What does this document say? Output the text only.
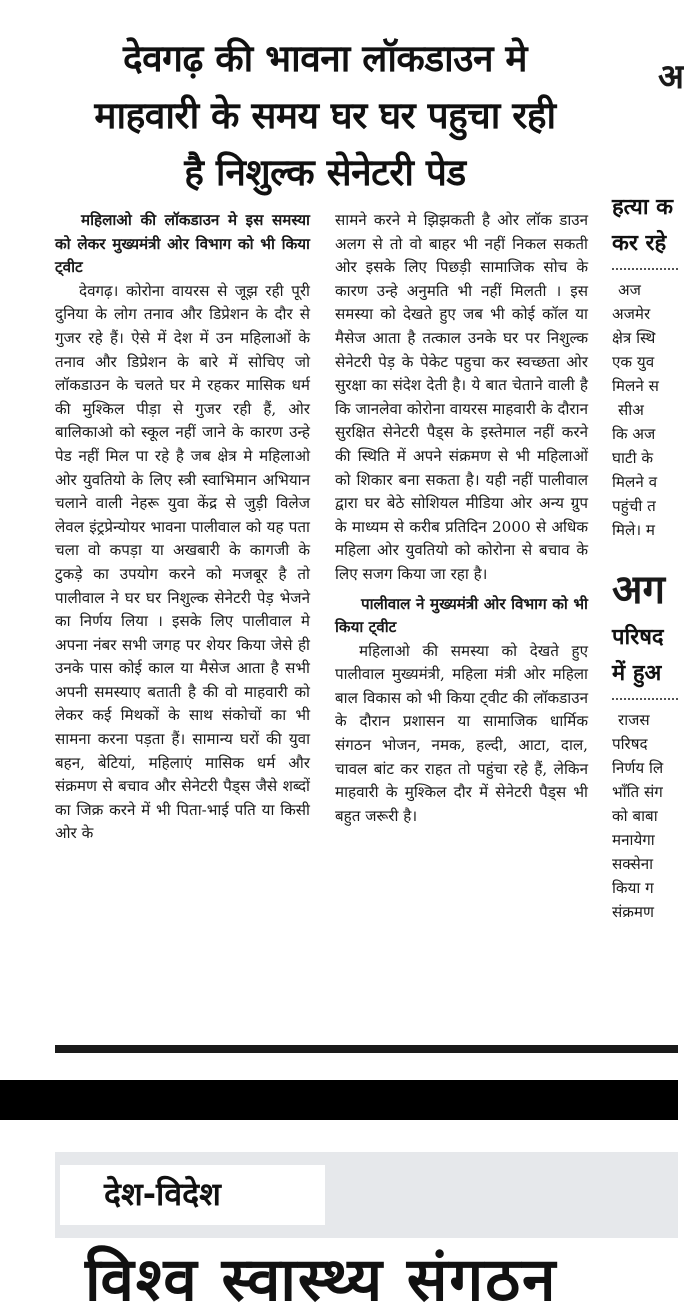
अ
देवगढ़ की भावना लॉकडाउन मे
माहवारी के समय घर घर पहुचा रही
है निशुल्क सेनेटरी पेड
महिलाओ की लॉकडाउन मे इस समस्या को लेकर मुख्यमंत्री ओर विभाग को भी किया ट्वीट
देवगढ़। कोरोना वायरस से जूझ रही पूरी दुनिया के लोग तनाव और डिप्रेशन के दौर से गुजर रहे हैं। ऐसे में देश में उन महिलाओं के तनाव और डिप्रेशन के बारे में सोचिए जो लॉकडाउन के चलते घर मे रहकर मासिक धर्म की मुश्किल पीड़ा से गुजर रही हैं, ओर बालिकाओ को स्कूल नहीं जाने के कारण उन्हे पेड नहीं मिल पा रहे है जब क्षेत्र मे महिलाओ ओर युवतियो के लिए स्त्री स्वाभिमान अभियान चलाने वाली नेहरू युवा केंद्र से जुड़ी विलेज लेवल इंट्रप्रेन्योयर भावना पालीवाल को यह पता चला वो कपड़ा या अखबारी के कागजी के टुकड़े का उपयोग करने को मजबूर है तो पालीवाल ने घर घर निशुल्क सेनेटरी पेड़ भेजने का निर्णय लिया । इसके लिए पालीवाल मे अपना नंबर सभी जगह पर शेयर किया जेसे ही उनके पास कोई काल या मैसेज आता है सभी अपनी समस्याए बताती है की वो माहवारी को लेकर कई मिथकों के साथ संकोचों का भी सामना करना पड़ता हैं। सामान्य घरों की युवा बहन, बेटियां, महिलाएं मासिक धर्म और संक्रमण से बचाव और सेनेटरी पैड्स जैसे शब्दों का जिक्र करने में भी पिता-भाई पति या किसी ओर के
सामने करने मे झिझकती है ओर लॉक डाउन अलग से तो वो बाहर भी नहीं निकल सकती ओर इसके लिए पिछड़ी सामाजिक सोच के कारण उन्हे अनुमति भी नहीं मिलती । इस समस्या को देखते हुए जब भी कोई कॉल या मैसेज आता है तत्काल उनके घर पर निशुल्क सेनेटरी पेड़ के पेकेट पहुचा कर स्वच्छता ओर सुरक्षा का संदेश देती है। ये बात चेताने वाली है कि जानलेवा कोरोना वायरस माहवारी के दौरान सुरक्षित सेनेटरी पैड्स के इस्तेमाल नहीं करने की स्थिति में अपने संक्रमण से भी महिलाओं को शिकार बना सकता है। यही नहीं पालीवाल द्वारा घर बेठे सोशियल मीडिया ओर अन्य ग्रुप के माध्यम से करीब प्रतिदिन 2000 से अधिक महिला ओर युवतियो को कोरोना से बचाव के लिए सजग किया जा रहा है।
पालीवाल ने मुख्यमंत्री ओर विभाग को भी किया ट्वीट
महिलाओ की समस्या को देखते हुए पालीवाल मुख्यमंत्री, महिला मंत्री ओर महिला बाल विकास को भी किया ट्वीट की लॉकडाउन के दौरान प्रशासन या सामाजिक धार्मिक संगठन भोजन, नमक, हल्दी, आटा, दाल, चावल बांट कर राहत तो पहुंचा रहे हैं, लेकिन माहवारी के मुश्किल दौर में सेनेटरी पैड्स भी बहुत जरूरी है।
हत्या क
कर रहे
अज
अजमेर
क्षेत्र स्थि
एक युव
मिलने स
सीअ
कि अज
घाटी के
मिलने व
पहुंची त
मिले। म
अग
परिषद
में हुअ
राजस
परिषद
निर्णय लि
भाँति संग
को बाबा
मनायेगा
सक्सेना
किया ग
संक्रमण
देश-विदेश
विश्व स्वास्थ्य संगठन
